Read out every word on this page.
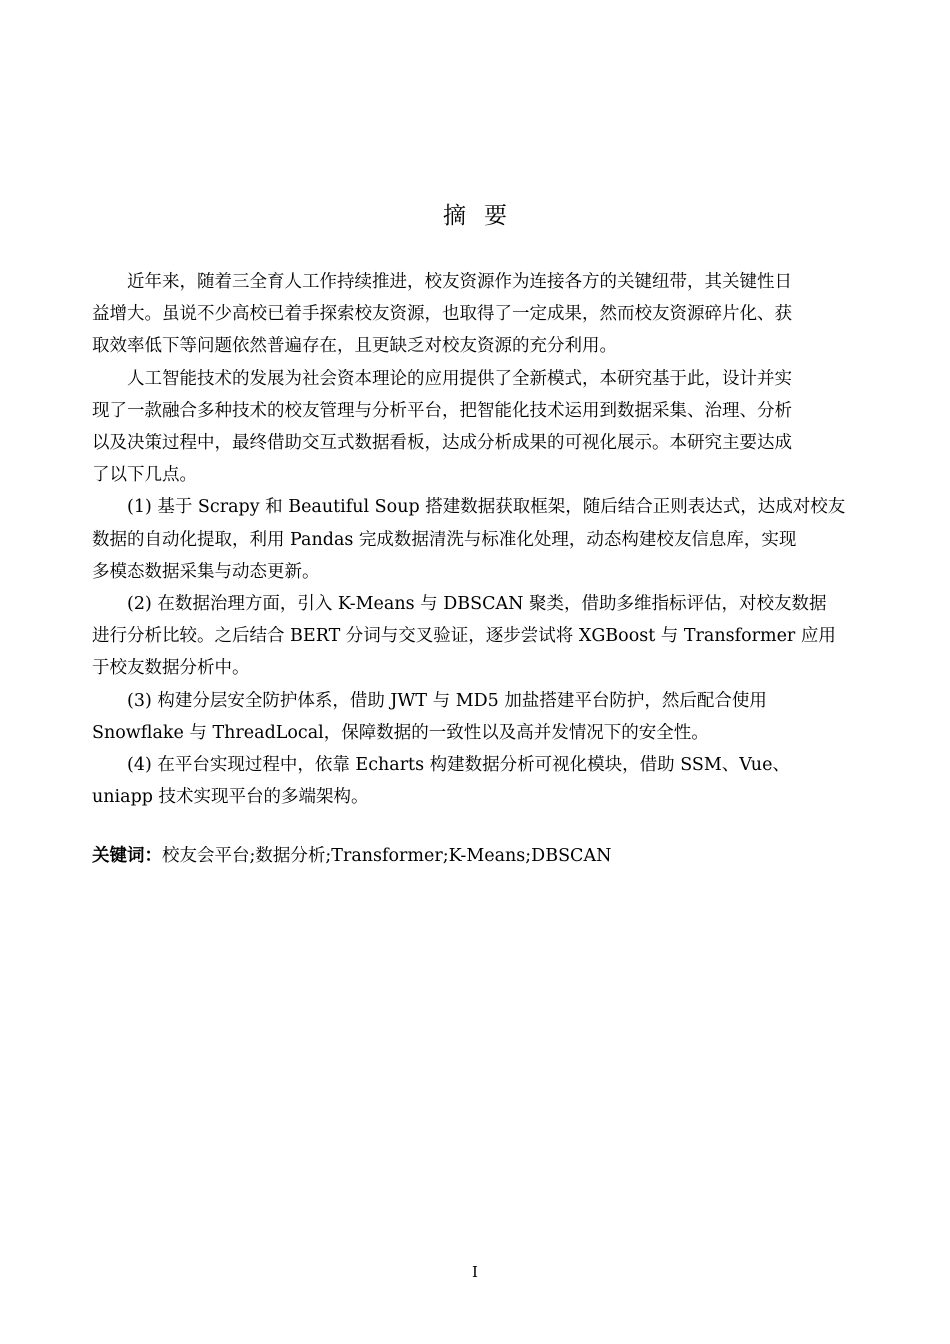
摘要

近年来，随着三全育人工作持续推进，校友资源作为连接各方的关键纽带，其关键性日
益增大。虽说不少高校已着手探索校友资源，也取得了一定成果，然而校友资源碎片化、获
取效率低下等问题依然普遍存在，且更缺乏对校友资源的充分利用。

人工智能技术的发展为社会资本理论的应用提供了全新模式，本研究基于此，设计并实
现了一款融合多种技术的校友管理与分析平台，把智能化技术运用到数据采集、治理、分析
以及决策过程中，最终借助交互式数据看板，达成分析成果的可视化展示。本研究主要达成
了以下几点。

(1) 基于 Scrapy 和 Beautiful Soup 搭建数据获取框架，随后结合正则表达式，达成对校友
数据的自动化提取，利用 Pandas 完成数据清洗与标准化处理，动态构建校友信息库，实现
多模态数据采集与动态更新。

(2) 在数据治理方面，引入 K-Means 与 DBSCAN 聚类，借助多维指标评估，对校友数据
进行分析比较。之后结合 BERT 分词与交叉验证，逐步尝试将 XGBoost 与 Transformer 应用
于校友数据分析中。

(3) 构建分层安全防护体系，借助 JWT 与 MD5 加盐搭建平台防护，然后配合使用
Snowflake 与 ThreadLocal，保障数据的一致性以及高并发情况下的安全性。

(4) 在平台实现过程中，依靠 Echarts 构建数据分析可视化模块，借助 SSM、Vue、
uniapp 技术实现平台的多端架构。

关键词：校友会平台;数据分析;Transformer;K-Means;DBSCAN
I
